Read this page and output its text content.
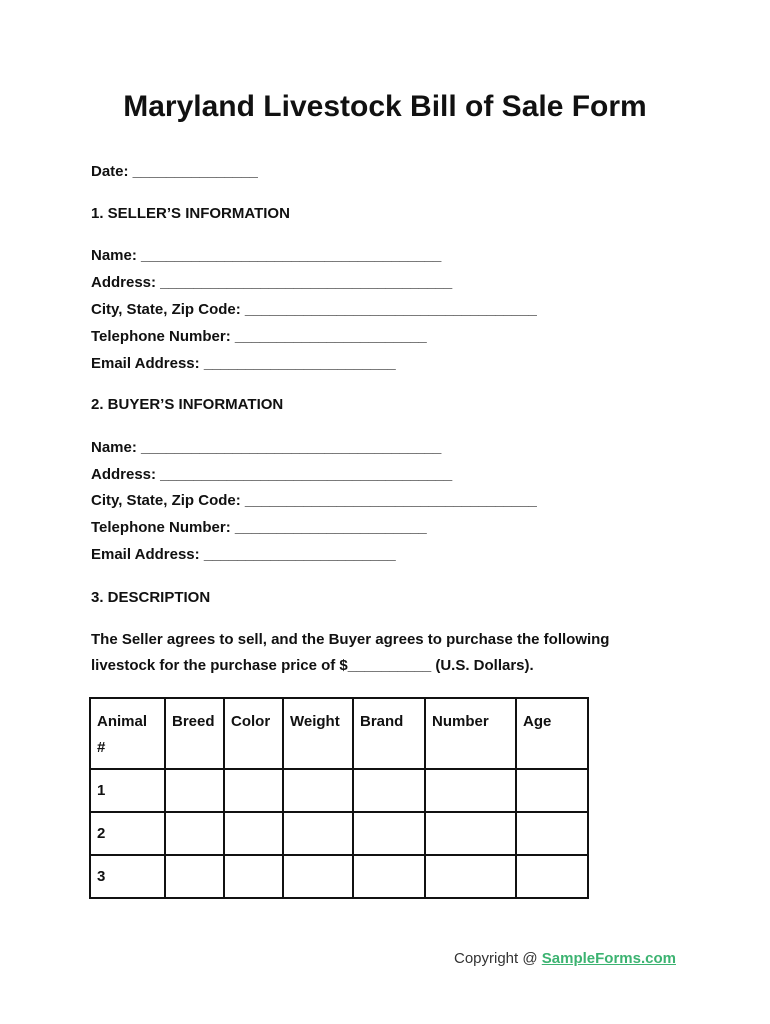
Maryland Livestock Bill of Sale Form
Date: _______________
1. SELLER’S INFORMATION
Name: ____________________________________
Address: ___________________________________
City, State, Zip Code: ___________________________________
Telephone Number: _______________________
Email Address: _______________________
2. BUYER’S INFORMATION
Name: ____________________________________
Address: ___________________________________
City, State, Zip Code: ___________________________________
Telephone Number: _______________________
Email Address: _______________________
3. DESCRIPTION
The Seller agrees to sell, and the Buyer agrees to purchase the following
livestock for the purchase price of $__________ (U.S. Dollars).
Animal #	Breed	Color	Weight	Brand	Number	Age
1						
2						
3						
Copyright @ SampleForms.com
